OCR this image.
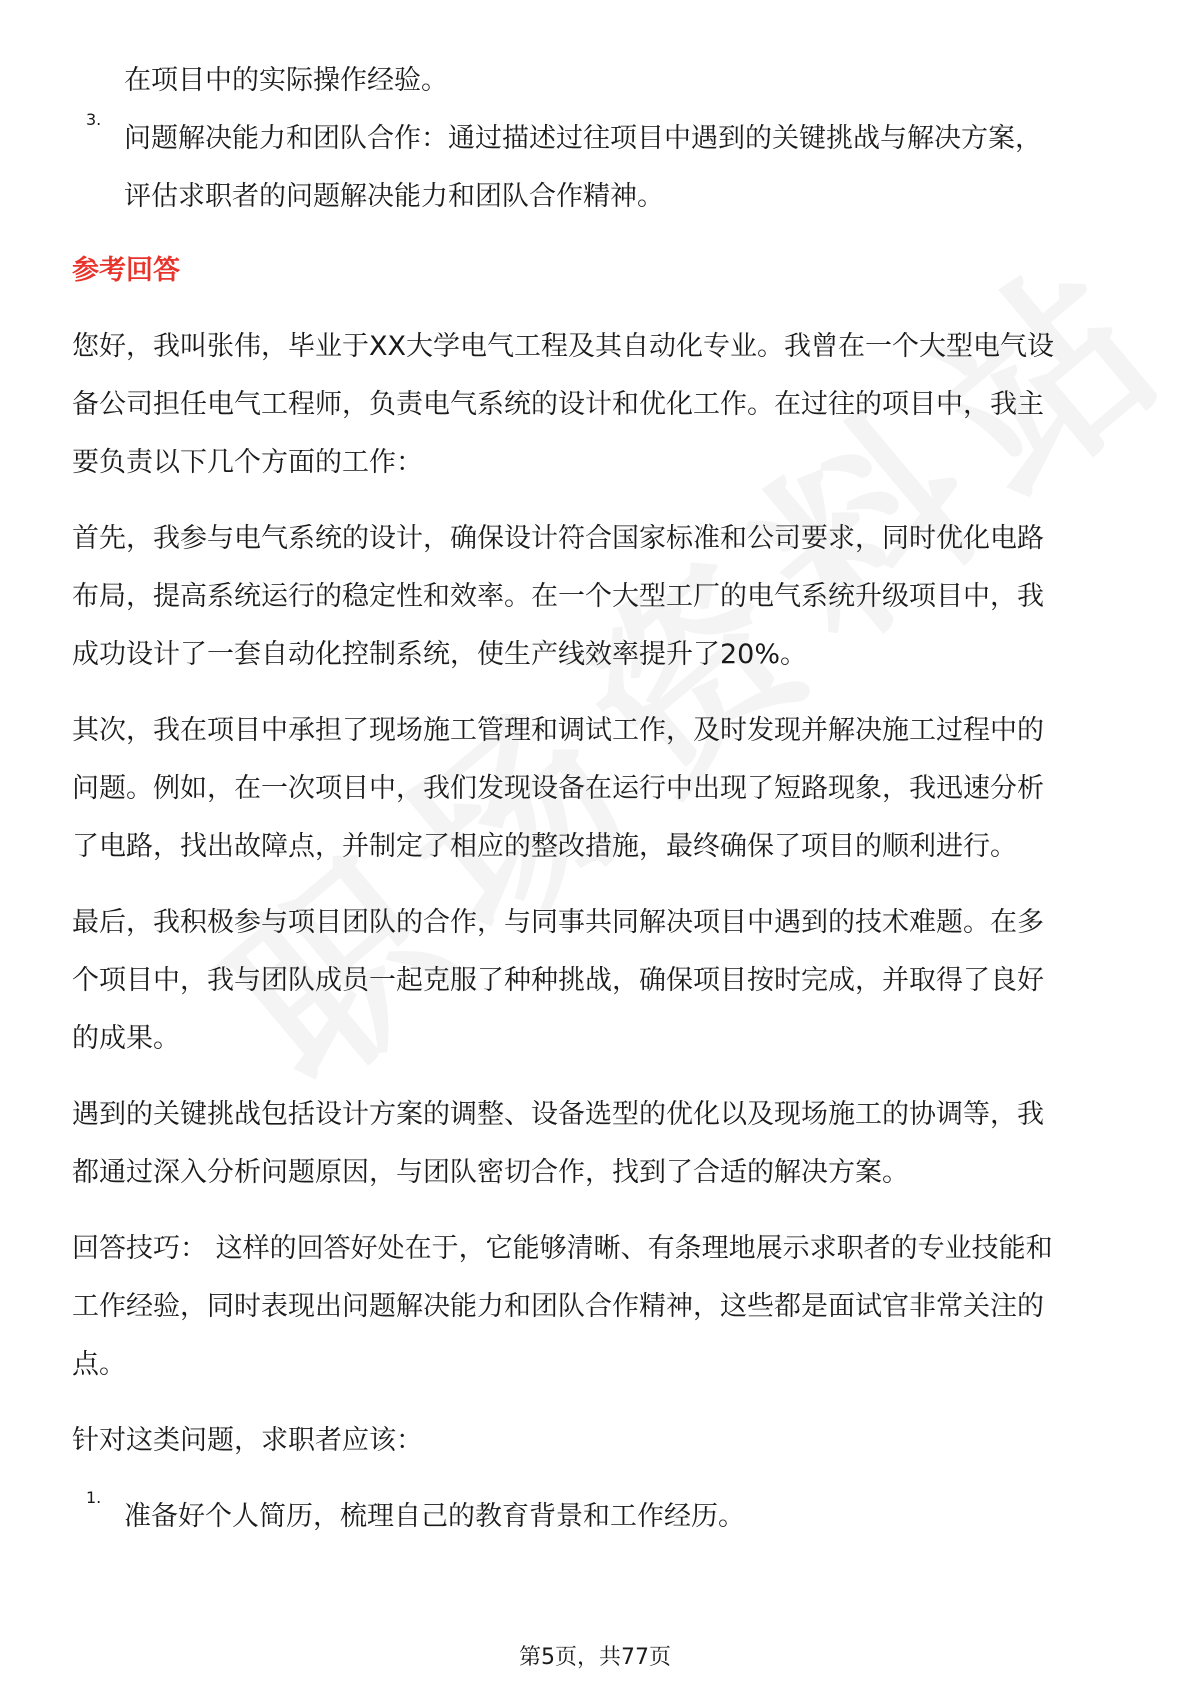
在项目中的实际操作经验。
3.
问题解决能力和团队合作：通过描述过往项目中遇到的关键挑战与解决方案，
评估求职者的问题解决能力和团队合作精神。
参考回答
您好，我叫张伟，毕业于XX大学电气工程及其自动化专业。我曾在一个大型电气设
备公司担任电气工程师，负责电气系统的设计和优化工作。在过往的项目中，我主
要负责以下几个方面的工作：
首先，我参与电气系统的设计，确保设计符合国家标准和公司要求，同时优化电路
布局，提高系统运行的稳定性和效率。在一个大型工厂的电气系统升级项目中，我
成功设计了一套自动化控制系统，使生产线效率提升了20%。
其次，我在项目中承担了现场施工管理和调试工作，及时发现并解决施工过程中的
问题。例如，在一次项目中，我们发现设备在运行中出现了短路现象，我迅速分析
了电路，找出故障点，并制定了相应的整改措施，最终确保了项目的顺利进行。
最后，我积极参与项目团队的合作，与同事共同解决项目中遇到的技术难题。在多
个项目中，我与团队成员一起克服了种种挑战，确保项目按时完成，并取得了良好
的成果。
遇到的关键挑战包括设计方案的调整、设备选型的优化以及现场施工的协调等，我
都通过深入分析问题原因，与团队密切合作，找到了合适的解决方案。
回答技巧： 这样的回答好处在于，它能够清晰、有条理地展示求职者的专业技能和
工作经验，同时表现出问题解决能力和团队合作精神，这些都是面试官非常关注的
点。
针对这类问题，求职者应该：
1.
准备好个人简历，梳理自己的教育背景和工作经历。
第5页，共77页
